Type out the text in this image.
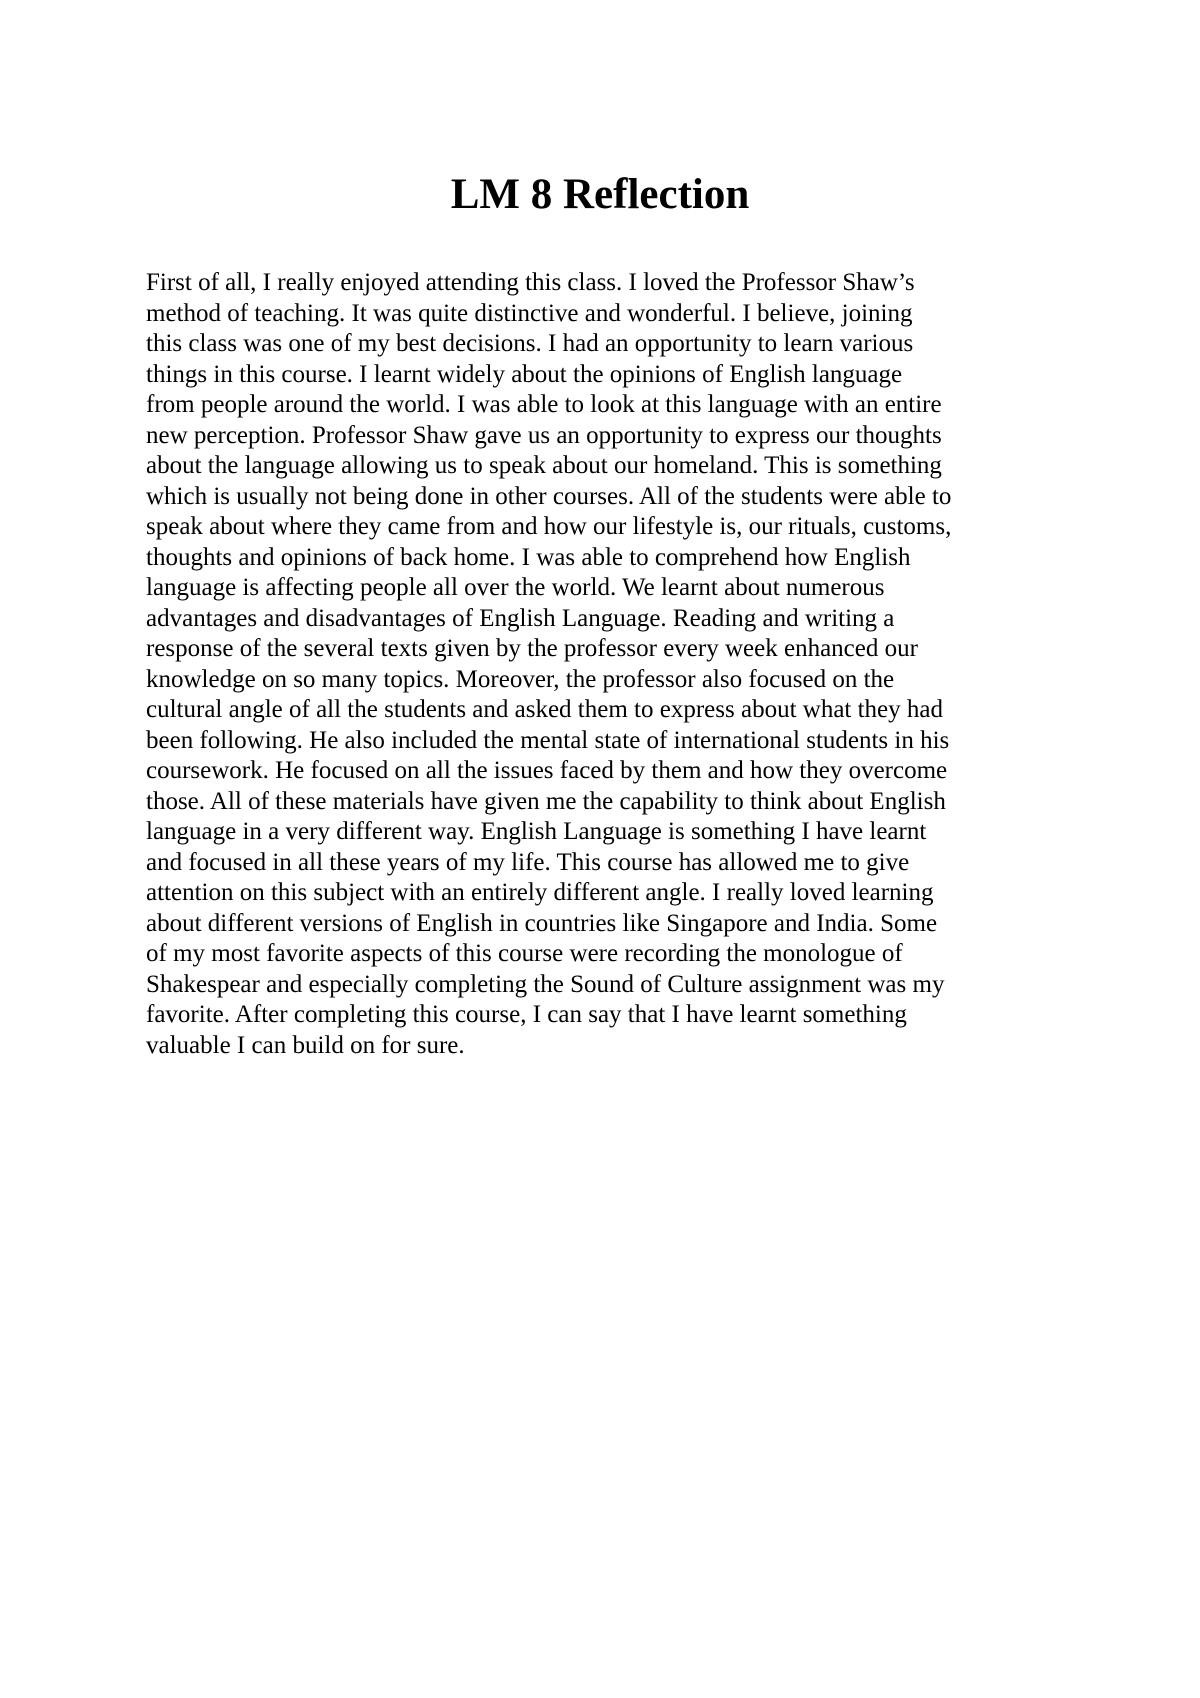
LM 8 Reflection
First of all, I really enjoyed attending this class. I loved the Professor Shaw’s
method of teaching. It was quite distinctive and wonderful. I believe, joining
this class was one of my best decisions. I had an opportunity to learn various
things in this course. I learnt widely about the opinions of English language
from people around the world. I was able to look at this language with an entire
new perception. Professor Shaw gave us an opportunity to express our thoughts
about the language allowing us to speak about our homeland. This is something
which is usually not being done in other courses. All of the students were able to
speak about where they came from and how our lifestyle is, our rituals, customs,
thoughts and opinions of back home. I was able to comprehend how English
language is affecting people all over the world. We learnt about numerous
advantages and disadvantages of English Language. Reading and writing a
response of the several texts given by the professor every week enhanced our
knowledge on so many topics. Moreover, the professor also focused on the
cultural angle of all the students and asked them to express about what they had
been following. He also included the mental state of international students in his
coursework. He focused on all the issues faced by them and how they overcome
those. All of these materials have given me the capability to think about English
language in a very different way. English Language is something I have learnt
and focused in all these years of my life. This course has allowed me to give
attention on this subject with an entirely different angle. I really loved learning
about different versions of English in countries like Singapore and India. Some
of my most favorite aspects of this course were recording the monologue of
Shakespear and especially completing the Sound of Culture assignment was my
favorite. After completing this course, I can say that I have learnt something
valuable I can build on for sure.
